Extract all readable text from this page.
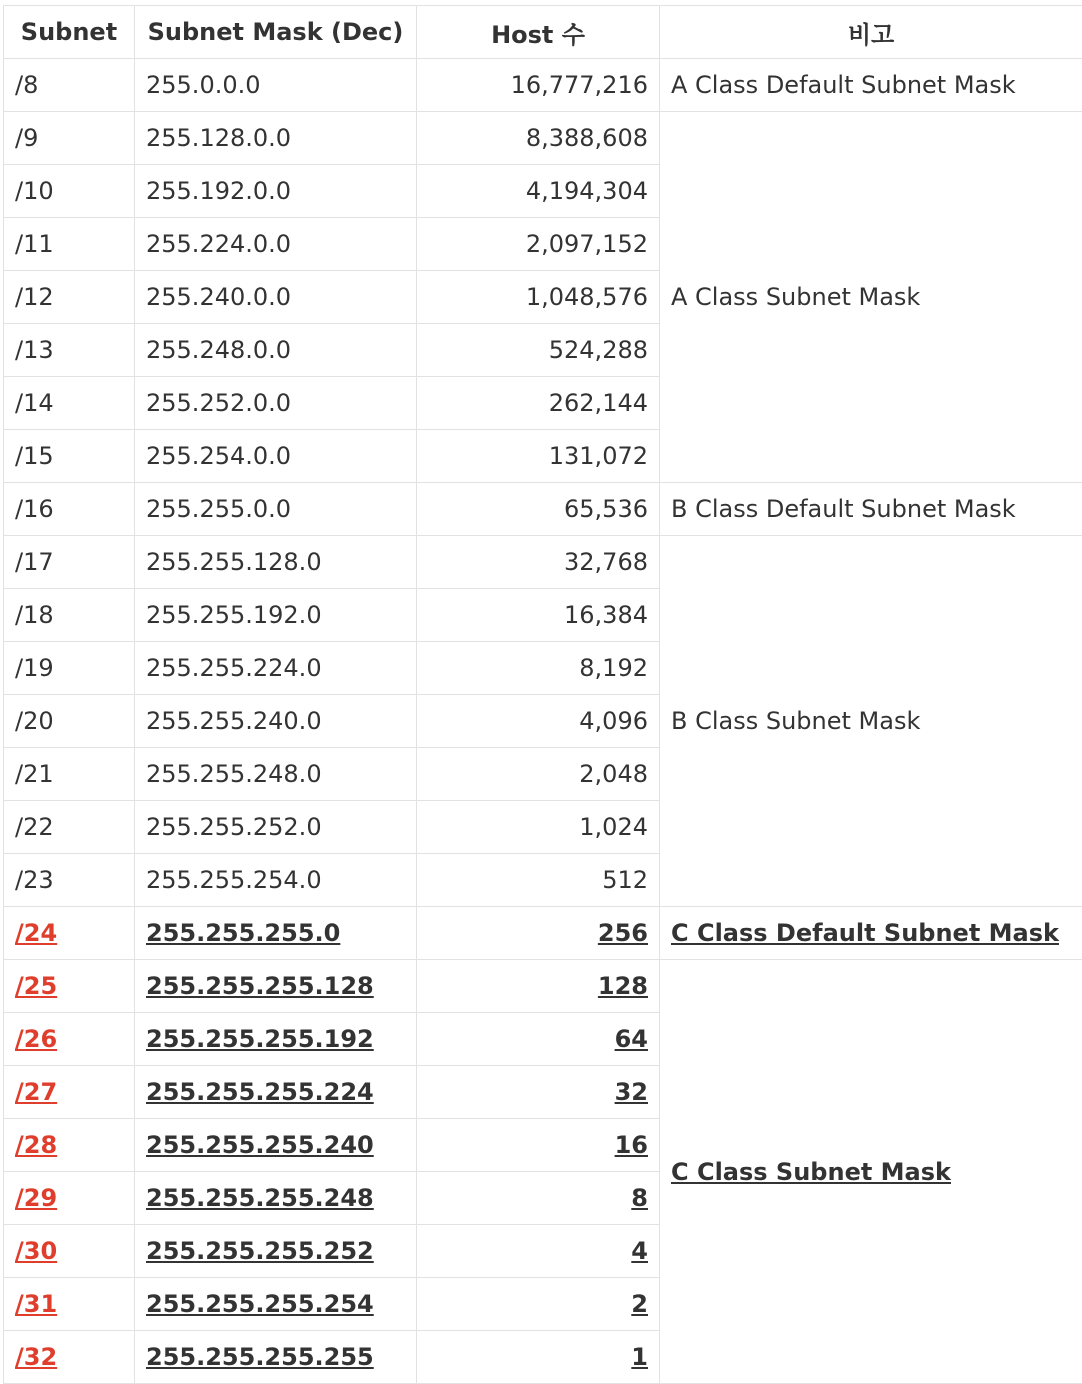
Subnet	Subnet Mask (Dec)	Host 수	비고
/8	255.0.0.0	16,777,216	A Class Default Subnet Mask
/9	255.128.0.0	8,388,608	A Class Subnet Mask
/10	255.192.0.0	4,194,304	
/11	255.224.0.0	2,097,152	
/12	255.240.0.0	1,048,576	
/13	255.248.0.0	524,288	
/14	255.252.0.0	262,144	
/15	255.254.0.0	131,072	
/16	255.255.0.0	65,536	B Class Default Subnet Mask
/17	255.255.128.0	32,768	B Class Subnet Mask
/18	255.255.192.0	16,384	
/19	255.255.224.0	8,192	
/20	255.255.240.0	4,096	
/21	255.255.248.0	2,048	
/22	255.255.252.0	1,024	
/23	255.255.254.0	512	
/24	255.255.255.0	256	C Class Default Subnet Mask
/25	255.255.255.128	128	C Class Subnet Mask
/26	255.255.255.192	64	
/27	255.255.255.224	32	
/28	255.255.255.240	16	
/29	255.255.255.248	8	
/30	255.255.255.252	4	
/31	255.255.255.254	2	
/32	255.255.255.255	1	
